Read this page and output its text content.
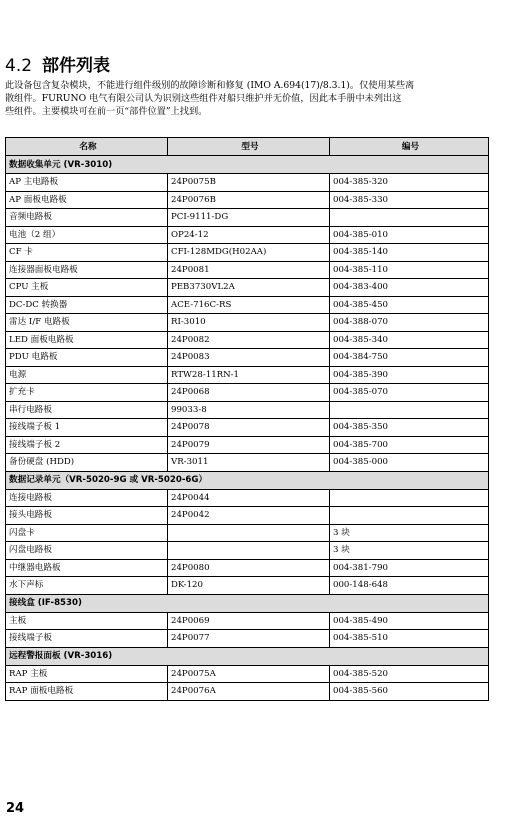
4.2 部件列表

此设备包含复杂模块，不能进行组件级别的故障诊断和修复 (IMO A.694(17)/8.3.1)。仅使用某些离

散组件。FURUNO 电气有限公司认为识别这些组件对船只维护并无价值，因此本手册中未列出这

些组件。主要模块可在前一页“部件位置”上找到。

名称	型号	编号
数据收集单元 (VR-3010)		
AP 主电路板	24P0075B	004-385-320
AP 面板电路板	24P0076B	004-385-330
音频电路板	PCI-9111-DG	
电池（2 组）	OP24-12	004-385-010
CF 卡	CFI-128MDG(H02AA)	004-385-140
连接器面板电路板	24P0081	004-385-110
CPU 主板	PEB3730VL2A	004-383-400
DC-DC 转换器	ACE-716C-RS	004-385-450
雷达 I/F 电路板	RI-3010	004-388-070
LED 面板电路板	24P0082	004-385-340
PDU 电路板	24P0083	004-384-750
电源	RTW28-11RN-1	004-385-390
扩充卡	24P0068	004-385-070
串行电路板	99033-8	
接线端子板 1	24P0078	004-385-350
接线端子板 2	24P0079	004-385-700
备份硬盘 (HDD)	VR-3011	004-385-000
数据记录单元（VR-5020-9G 或 VR-5020-6G）		
连接电路板	24P0044	
接头电路板	24P0042	
闪盘卡		3 块
闪盘电路板		3 块
中继器电路板	24P0080	004-381-790
水下声标	DK-120	000-148-648
接线盒 (IF-8530)		
主板	24P0069	004-385-490
接线端子板	24P0077	004-385-510
远程警报面板 (VR-3016)		
RAP 主板	24P0075A	004-385-520
RAP 面板电路板	24P0076A	004-385-560
24
